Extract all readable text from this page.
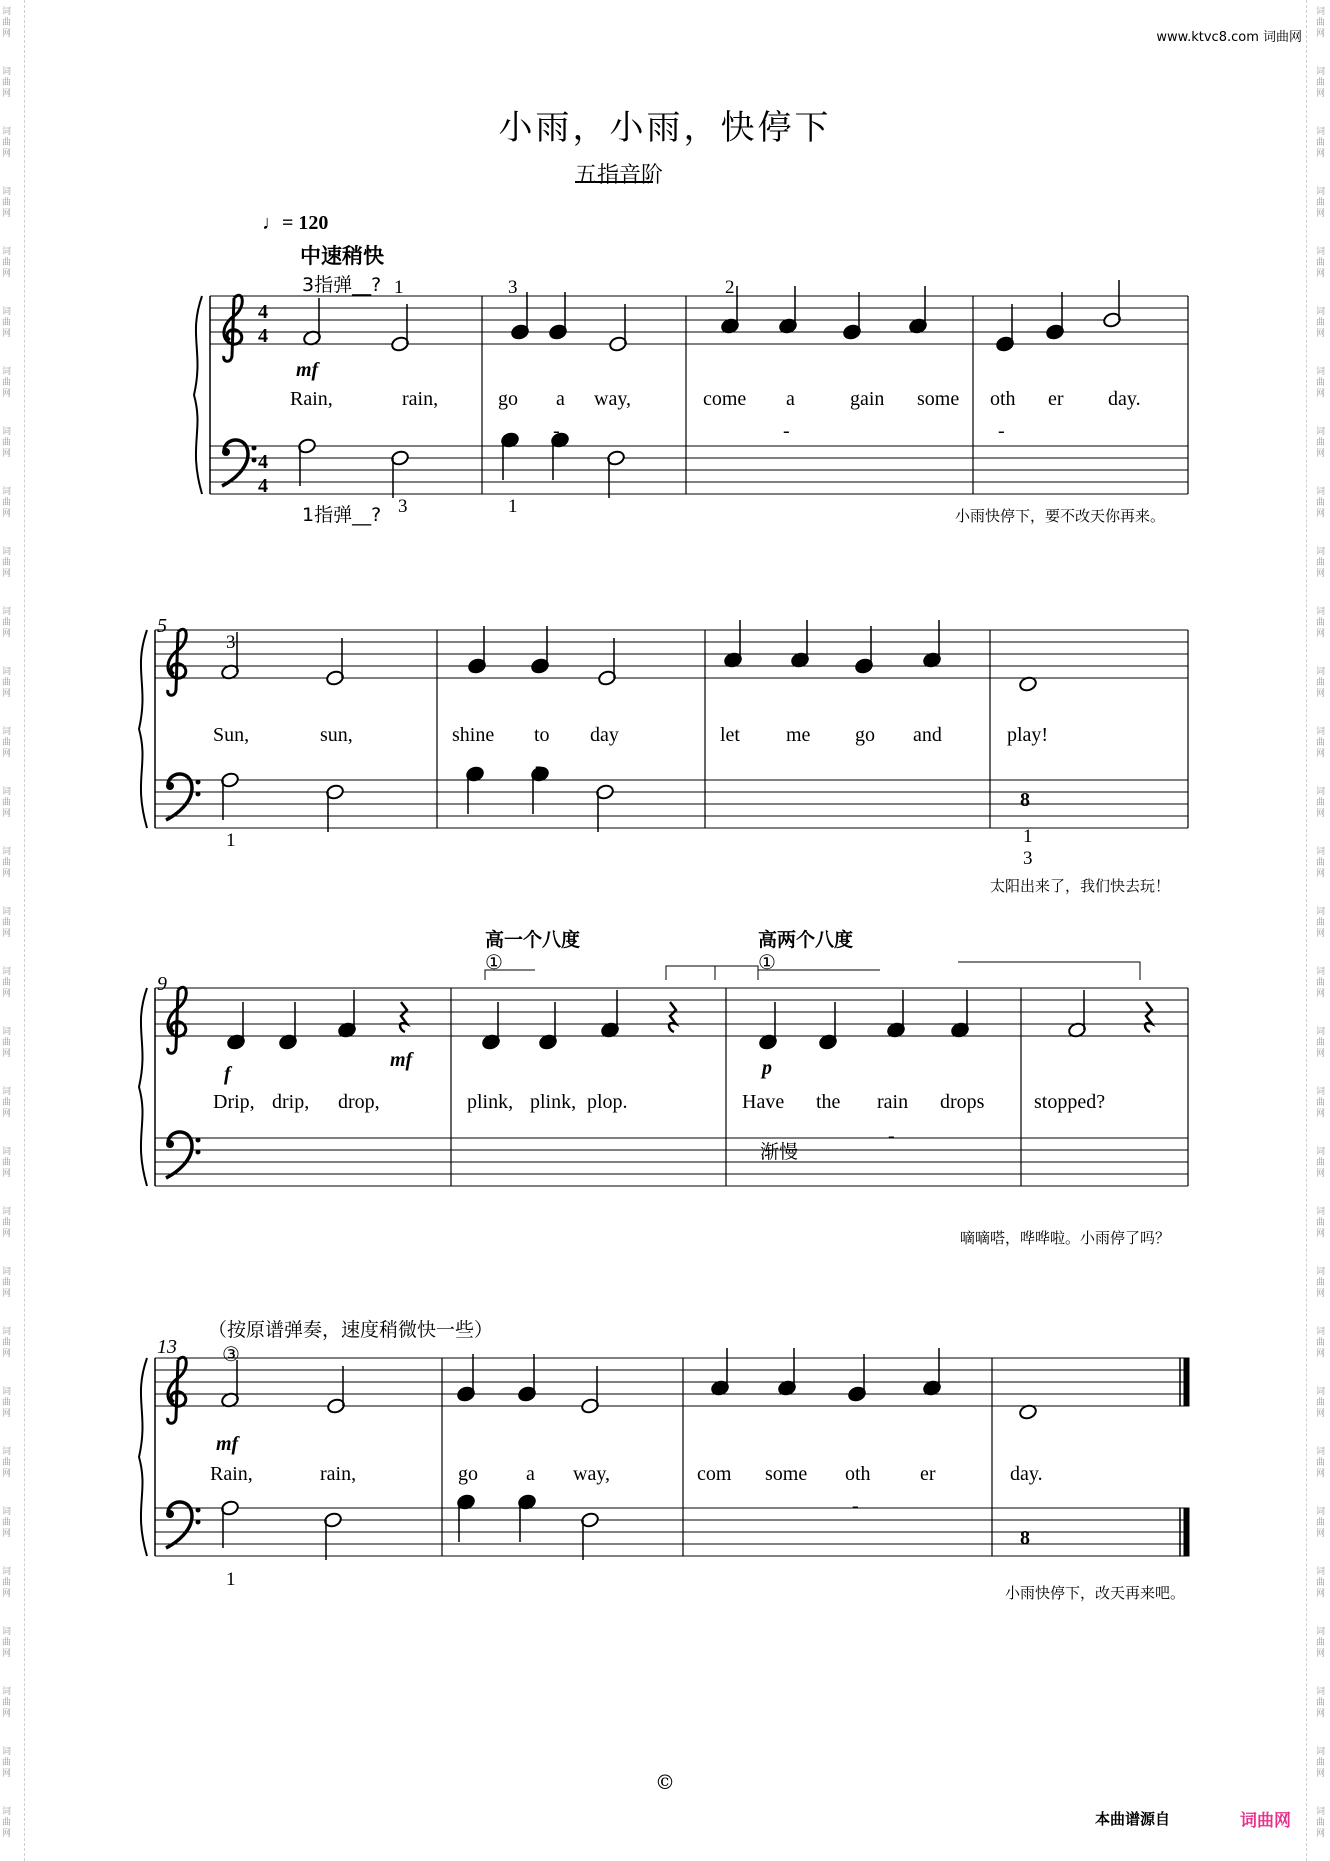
词
曲
网
词
曲
网
词
曲
网
词
曲
网
词
曲
网
词
曲
网
词
曲
网
词
曲
网
词
曲
网
词
曲
网
词
曲
网
词
曲
网
词
曲
网
词
曲
网
词
曲
网
词
曲
网
词
曲
网
词
曲
网
词
曲
网
词
曲
网
词
曲
网
词
曲
网
词
曲
网
词
曲
网
词
曲
网
词
曲
网
词
曲
网
词
曲
网
词
曲
网
词
曲
网
词
曲
网
词
曲
网
词
曲
网
词
曲
网
词
曲
网
词
曲
网
词
曲
网
词
曲
网
词
曲
网
词
曲
网
词
曲
网
词
曲
网
词
曲
网
词
曲
网
词
曲
网
词
曲
网
词
曲
网
词
曲
网
词
曲
网
词
曲
网
词
曲
网
词
曲
网
词
曲
网
词
曲
网
词
曲
网
词
曲
网
词
曲
网
词
曲
网
词
曲
网
词
曲
网
词
曲
网
词
曲
网
www.ktvc8.com 词曲网
小雨，小雨，快停下
五指音阶
4
4
4
4
8
8
5
9
13
1	3	2
3	1
3
1	1
3
1
mf
f
mf	p
mf
Rain,	rain,	go a way,	come a	gain some oth er day.
Sun,	sun,	shine to day	let me go and	play!
Drip, drip, drop,	plink, plink, plop.	Have the rain drops stopped?
Rain,	rain,	go a way,	com some oth er	day.
-	-	-
-
-
-	-
♩= 120
中速稍快
3指弹__?
1指弹__?	小雨快停下，要不改天你再来。
太阳出来了，我们快去玩！
嘀嘀嗒，哗哗啦。小雨停了吗？
小雨快停下，改天再来吧。
高一个八度	高两个八度
①	①
渐慢
（按原谱弹奏，速度稍微快一些）
③
©
本曲谱源自	词曲网
